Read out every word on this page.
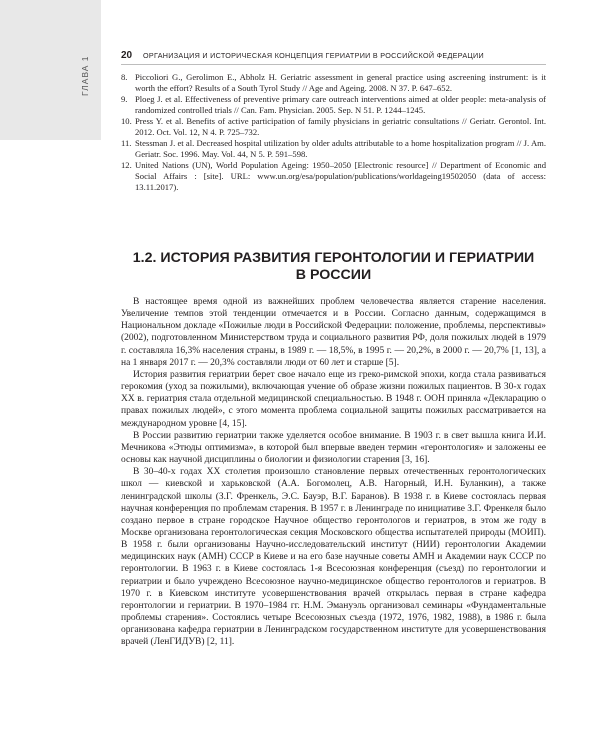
ГЛАВА 1	20 ОРГАНИЗАЦИЯ И ИСТОРИЧЕСКАЯ КОНЦЕПЦИЯ ГЕРИАТРИИ В РОССИЙСКОЙ ФЕДЕРАЦИИ
8. Piccoliori G., Gerolimon E., Abholz H. Geriatric assessment in general practice using ascreening instrument: is it worth the effort? Results of a South Tyrol Study // Age and Ageing. 2008. N 37. P. 647–652.
9. Ploeg J. et al. Effectiveness of preventive primary care outreach interventions aimed at older people: meta-analysis of randomized controlled trials // Can. Fam. Physician. 2005. Sep. N 51. P. 1244–1245.
10. Press Y. et al. Benefits of active participation of family physicians in geriatric consultations // Geriatr. Gerontol. Int. 2012. Oct. Vol. 12, N 4. P. 725–732.
11. Stessman J. et al. Decreased hospital utilization by older adults attributable to a home hospitalization program // J. Am. Geriatr. Soc. 1996. May. Vol. 44, N 5. P. 591–598.
12. United Nations (UN), World Population Ageing: 1950–2050 [Electronic resource] // Department of Economic and Social Affairs : [site]. URL: www.un.org/esa/population/publications/worldageing19502050 (data of access: 13.11.2017).
1.2. ИСТОРИЯ РАЗВИТИЯ ГЕРОНТОЛОГИИ И ГЕРИАТРИИ
В РОССИИ

В настоящее время одной из важнейших проблем человечества является старение населения. Увеличение темпов этой тенденции отмечается и в России. Согласно данным, содержащимся в Национальном докладе «Пожилые люди в Российской Федерации: положение, проблемы, перспективы» (2002), подготовленном Министерством труда и социального развития РФ, доля пожилых людей в 1979 г. составляла 16,3% населения страны, в 1989 г. — 18,5%, в 1995 г. — 20,2%, в 2000 г. — 20,7% [1, 13], а на 1 января 2017 г. — 20,3% составляли люди от 60 лет и старше [5].

История развития гериатрии берет свое начало еще из греко-римской эпохи, когда стала развиваться герокомия (уход за пожилыми), включающая учение об образе жизни пожилых пациентов. В 30-х годах XX в. гериатрия стала отдельной медицинской специальностью. В 1948 г. ООН приняла «Декларацию о правах пожилых людей», с этого момента проблема социальной защиты пожилых рассматривается на международном уровне [4, 15].

В России развитию гериатрии также уделяется особое внимание. В 1903 г. в свет вышла книга И.И. Мечникова «Этюды оптимизма», в которой был впервые введен термин «геронтология» и заложены ее основы как научной дисциплины о биологии и физиологии старения [3, 16].

В 30–40-х годах XX столетия произошло становление первых отечественных геронтологических школ — киевской и харьковской (А.А. Богомолец, А.В. Нагорный, И.Н. Буланкин), а также ленинградской школы (З.Г. Френкель, Э.С. Бауэр, В.Г. Баранов). В 1938 г. в Киеве состоялась первая научная конференция по проблемам старения. В 1957 г. в Ленинграде по инициативе З.Г. Френкеля было создано первое в стране городское Научное общество геронтологов и гериатров, в этом же году в Москве организована геронтологическая секция Московского общества испытателей природы (МОИП). В 1958 г. были организованы Научно-исследовательский институт (НИИ) геронтологии Академии медицинских наук (АМН) СССР в Киеве и на его базе научные советы АМН и Академии наук СССР по геронтологии. В 1963 г. в Киеве состоялась 1-я Всесоюзная конференция (съезд) по геронтологии и гериатрии и было учреждено Всесоюзное научно-медицинское общество геронтологов и гериатров. В 1970 г. в Киевском институте усовершенствования врачей открылась первая в стране кафедра геронтологии и гериатрии. В 1970–1984 гг. Н.М. Эмануэль организовал семинары «Фундаментальные проблемы старения». Состоялись четыре Всесоюзных съезда (1972, 1976, 1982, 1988), в 1986 г. была организована кафедра гериатрии в Ленинградском государственном институте для усовершенствования врачей (ЛенГИДУВ) [2, 11].
